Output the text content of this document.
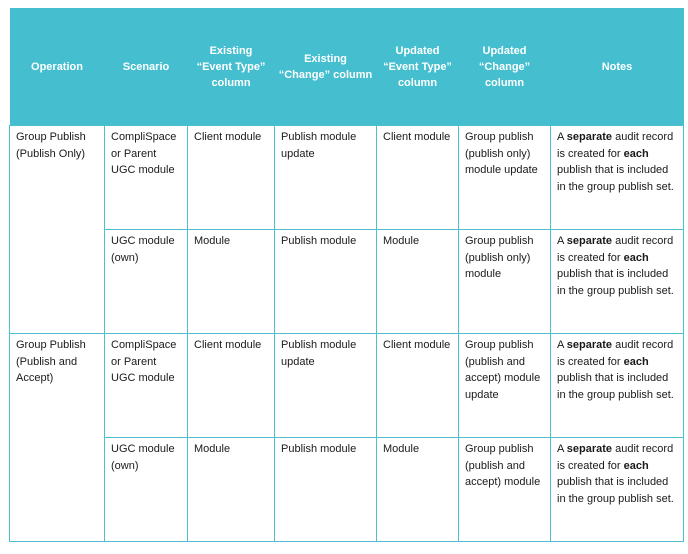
Operation	Scenario	Existing “Event Type” column	Existing “Change” column	Updated “Event Type” column	Updated “Change” column	Notes
Group Publish (Publish Only)	CompliSpace or Parent UGC module	Client module	Publish module update	Client module	Group publish (publish only) module update	A separate audit record is created for each publish that is included in the group publish set.
	UGC module (own)	Module	Publish module	Module	Group publish (publish only) module	A separate audit record is created for each publish that is included in the group publish set.
Group Publish (Publish and Accept)	CompliSpace or Parent UGC module	Client module	Publish module update	Client module	Group publish (publish and accept) module update	A separate audit record is created for each publish that is included in the group publish set.
	UGC module (own)	Module	Publish module	Module	Group publish (publish and accept) module	A separate audit record is created for each publish that is included in the group publish set.
